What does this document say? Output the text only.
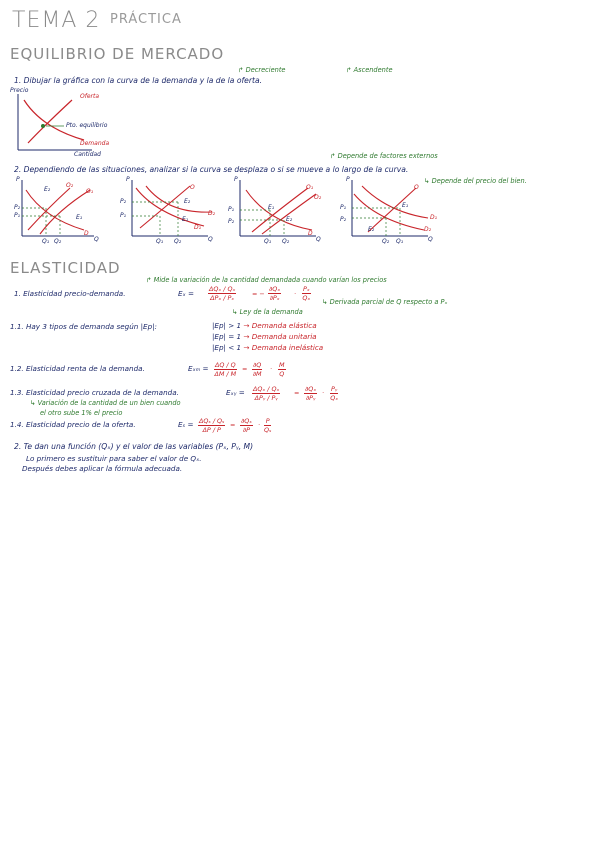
TEMA 2 PRÁCTICA
EQUILIBRIO DE MERCADO
↱ Decreciente	↱ Ascendente
1. Dibujar la gráfica con la curva de la demanda y la de la oferta.
Precio
Oferta
Pto. equilibrio
Demanda
Cantidad	↱ Depende de factores externos
2. Dependiendo de las situaciones, analizar si la curva se desplaza o si se mueve a lo largo de la curva.
↳ Depende del precio del bien.
P
P₂
P₁
E₂
E₁
O₂
O₁
D
Q₁ Q₂	Q
P
P₂
P₁
E₂
E₁
O
D₂
D₁
Q₁ Q₂	Q
P
P₁
P₂
E₁
E₂
O₁
O₂
D
Q₁ Q₂	Q
P
P₁
P₂
E₁
E₂
O
D₁
D₂
Q₂ Q₁	Q
ELASTICIDAD
↱ Mide la variación de la cantidad demandada cuando varían los precios
1. Elasticidad precio-demanda.	$E_x = \frac{\text{ΔQₓ / Qₓ}}{\text{ΔPₓ / Pₓ}}$ = − $\frac{\text{∂Qₓ}}{\text{∂Pₓ}} \cdot \frac{\text{Pₓ}}{\text{Qₓ}}$ ↳ Derivada parcial de Q respecto a Pₓ
↳ Ley de la demanda
1.1. Hay 3 tipos de demanda según |Ep|:	|Ep| > 1 → Demanda elástica
|Ep| = 1 → Demanda unitaria
|Ep| < 1 → Demanda inelástica
1.2. Elasticidad renta de la demanda.	$E_{xm} = \frac{\Delta Q / Q}{\Delta M / M} = \frac{\partial Q}{\partial M} \cdot \frac{M}{Q}$
1.3. Elasticidad precio cruzada de la demanda.	Eₓᵧ = $\frac{\text{ΔQₓ / Qₓ}}{\text{ΔPᵧ / Pᵧ}} = \frac{\text{∂Qₓ}}{\text{∂Pᵧ}} \cdot \frac{\text{Pᵧ}}{\text{Qₓ}}$
↳ Variación de la cantidad de un bien cuando
el otro sube 1% el precio
1.4. Elasticidad precio de la oferta.	$E_s = \frac{\text{ΔQₛ / Qₛ}}{\Delta P / P} = \frac{\text{∂Qₛ}}{\partial P} \cdot \frac{P}{\text{Qₛ}}$
2. Te dan una función (Qₓ) y el valor de las variables (Pₓ, Pᵧ, M)
Lo primero es sustituir para saber el valor de Qₓ.
Después debes aplicar la fórmula adecuada.
